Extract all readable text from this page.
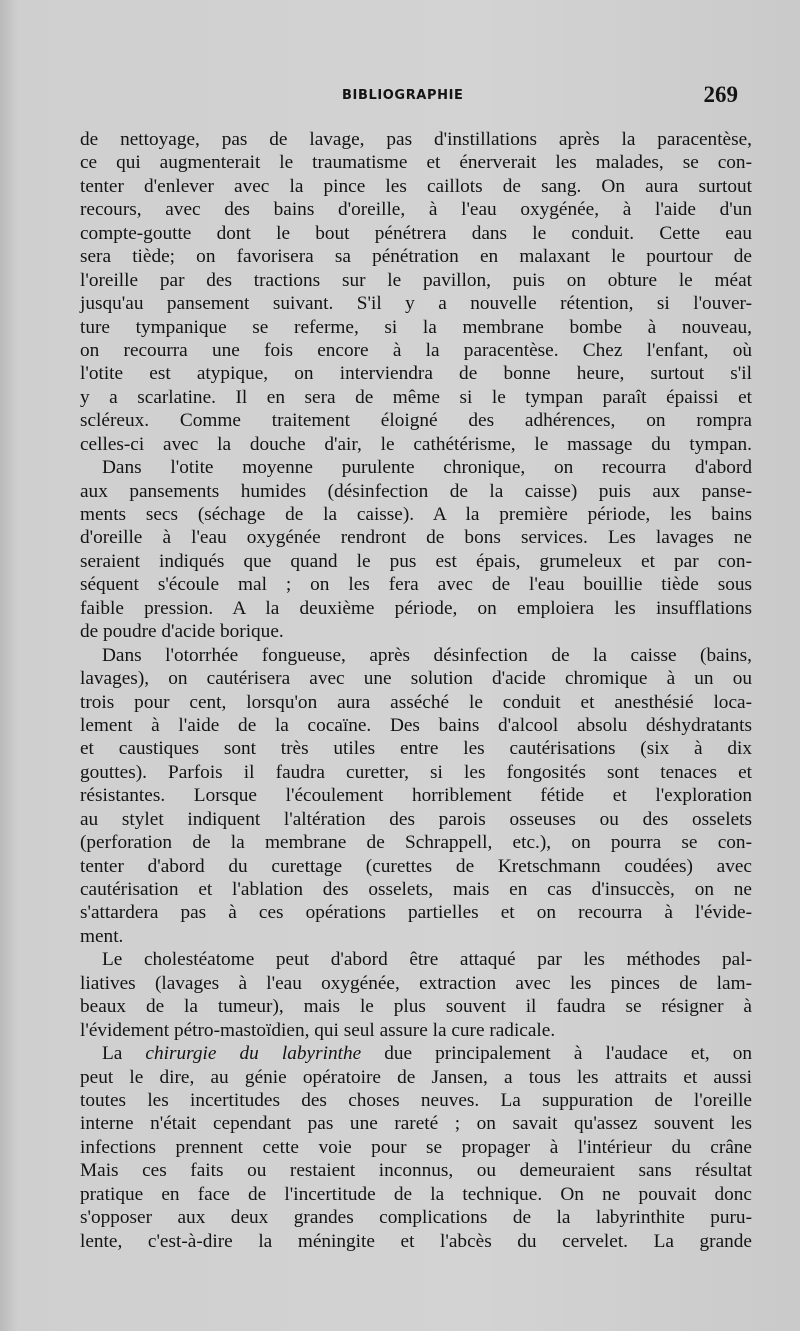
BIBLIOGRAPHIE	269
de nettoyage, pas de lavage, pas d'instillations après la paracentèse,
ce qui augmenterait le traumatisme et énerverait les malades, se con-
tenter d'enlever avec la pince les caillots de sang. On aura surtout
recours, avec des bains d'oreille, à l'eau oxygénée, à l'aide d'un
compte-goutte dont le bout pénétrera dans le conduit. Cette eau
sera tiède; on favorisera sa pénétration en malaxant le pourtour de
l'oreille par des tractions sur le pavillon, puis on obture le méat
jusqu'au pansement suivant. S'il y a nouvelle rétention, si l'ouver-
ture tympanique se referme, si la membrane bombe à nouveau,
on recourra une fois encore à la paracentèse. Chez l'enfant, où
l'otite est atypique, on interviendra de bonne heure, surtout s'il
y a scarlatine. Il en sera de même si le tympan paraît épaissi et
scléreux. Comme traitement éloigné des adhérences, on rompra
celles-ci avec la douche d'air, le cathétérisme, le massage du tympan.
Dans l'otite moyenne purulente chronique, on recourra d'abord
aux pansements humides (désinfection de la caisse) puis aux panse-
ments secs (séchage de la caisse). A la première période, les bains
d'oreille à l'eau oxygénée rendront de bons services. Les lavages ne
seraient indiqués que quand le pus est épais, grumeleux et par con-
séquent s'écoule mal ; on les fera avec de l'eau bouillie tiède sous
faible pression. A la deuxième période, on emploiera les insufflations
de poudre d'acide borique.
Dans l'otorrhée fongueuse, après désinfection de la caisse (bains,
lavages), on cautérisera avec une solution d'acide chromique à un ou
trois pour cent, lorsqu'on aura asséché le conduit et anesthésié loca-
lement à l'aide de la cocaïne. Des bains d'alcool absolu déshydratants
et caustiques sont très utiles entre les cautérisations (six à dix
gouttes). Parfois il faudra curetter, si les fongosités sont tenaces et
résistantes. Lorsque l'écoulement horriblement fétide et l'exploration
au stylet indiquent l'altération des parois osseuses ou des osselets
(perforation de la membrane de Schrappell, etc.), on pourra se con-
tenter d'abord du curettage (curettes de Kretschmann coudées) avec
cautérisation et l'ablation des osselets, mais en cas d'insuccès, on ne
s'attardera pas à ces opérations partielles et on recourra à l'évide-
ment.
Le cholestéatome peut d'abord être attaqué par les méthodes pal-
liatives (lavages à l'eau oxygénée, extraction avec les pinces de lam-
beaux de la tumeur), mais le plus souvent il faudra se résigner à
l'évidement pétro-mastoïdien, qui seul assure la cure radicale.
La chirurgie du labyrinthe due principalement à l'audace et, on
peut le dire, au génie opératoire de Jansen, a tous les attraits et aussi
toutes les incertitudes des choses neuves. La suppuration de l'oreille
interne n'était cependant pas une rareté ; on savait qu'assez souvent les
infections prennent cette voie pour se propager à l'intérieur du crâne
Mais ces faits ou restaient inconnus, ou demeuraient sans résultat
pratique en face de l'incertitude de la technique. On ne pouvait donc
s'opposer aux deux grandes complications de la labyrinthite puru-
lente, c'est-à-dire la méningite et l'abcès du cervelet. La grande
